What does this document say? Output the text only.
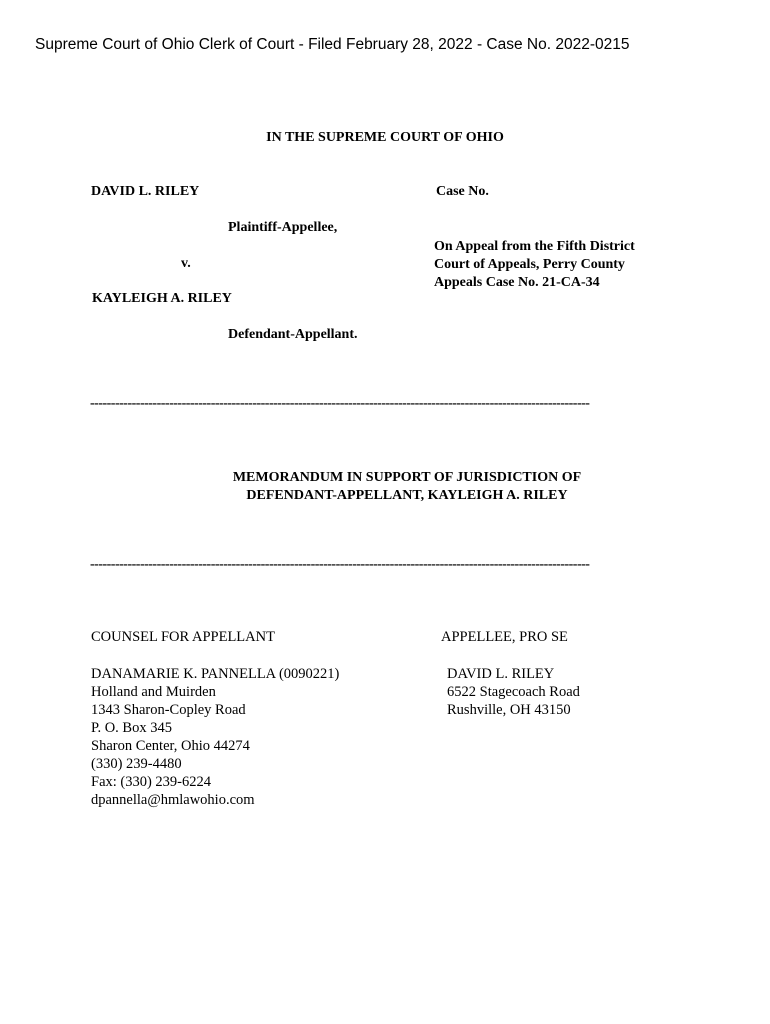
Supreme Court of Ohio Clerk of Court - Filed February 28, 2022 - Case No. 2022-0215
IN THE SUPREME COURT OF OHIO
DAVID L. RILEY	Case No.
Plaintiff-Appellee,
v.
On Appeal from the Fifth District
Court of Appeals, Perry County
Appeals Case No. 21-CA-34
KAYLEIGH A. RILEY
Defendant-Appellant.
------------------------------------------------------------------------------------------------------------------------
MEMORANDUM IN SUPPORT OF JURISDICTION OF
DEFENDANT-APPELLANT, KAYLEIGH A. RILEY
------------------------------------------------------------------------------------------------------------------------
COUNSEL FOR APPELLANT	APPELLEE, PRO SE
DANAMARIE K. PANNELLA (0090221)
Holland and Muirden
1343 Sharon-Copley Road
P. O. Box 345
Sharon Center, Ohio 44274
(330) 239-4480
Fax: (330) 239-6224
dpannella@hmlawohio.com
DAVID L. RILEY
6522 Stagecoach Road
Rushville, OH 43150
